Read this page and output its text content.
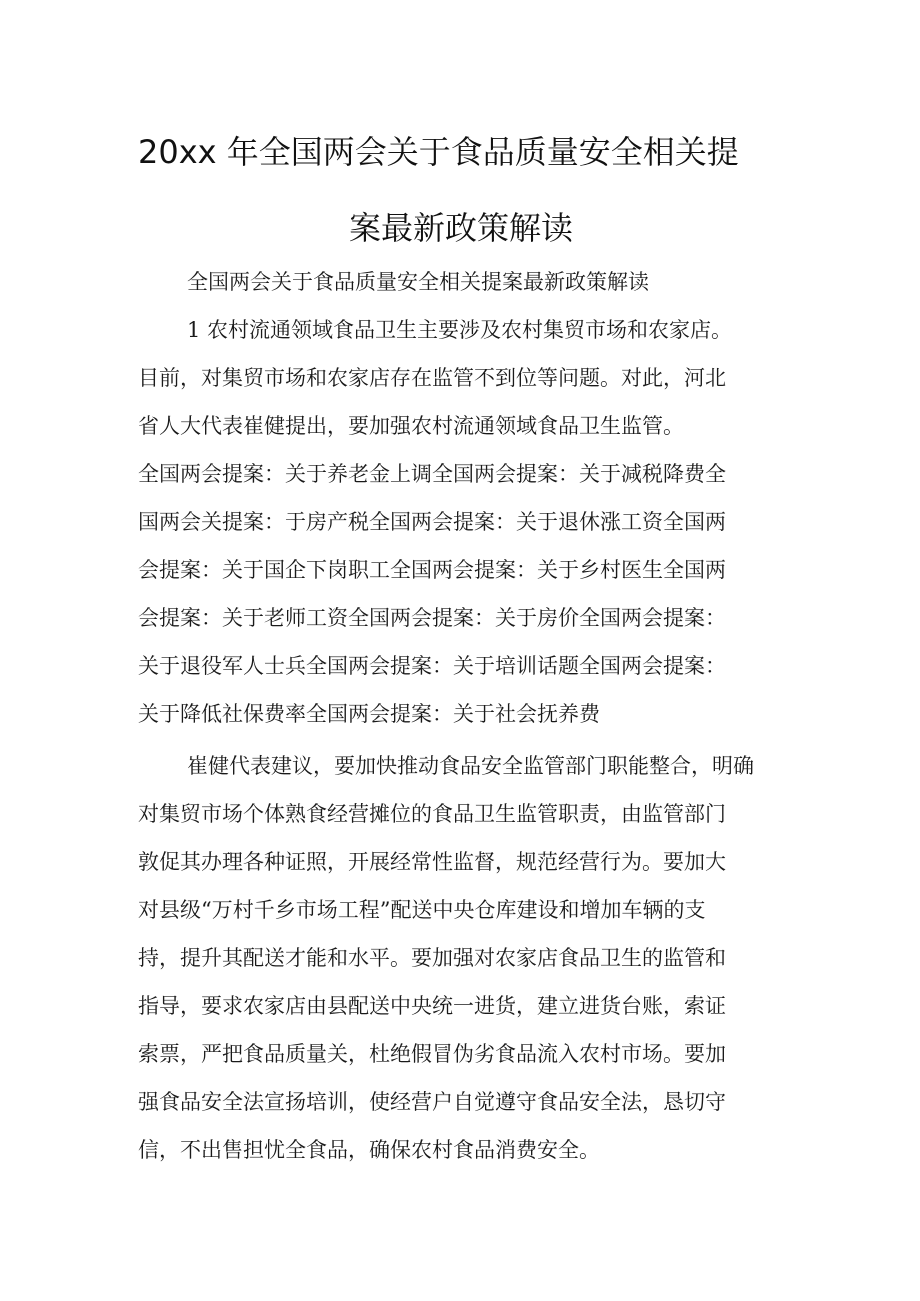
20xx 年全国两会关于食品质量安全相关提
案最新政策解读
全国两会关于食品质量安全相关提案最新政策解读
1 农村流通领域食品卫生主要涉及农村集贸市场和农家店。
目前，对集贸市场和农家店存在监管不到位等问题。对此，河北
省人大代表崔健提出，要加强农村流通领域食品卫生监管。
全国两会提案：关于养老金上调全国两会提案：关于减税降费全
国两会关提案：于房产税全国两会提案：关于退休涨工资全国两
会提案：关于国企下岗职工全国两会提案：关于乡村医生全国两
会提案：关于老师工资全国两会提案：关于房价全国两会提案：
关于退役军人士兵全国两会提案：关于培训话题全国两会提案：
关于降低社保费率全国两会提案：关于社会抚养费
崔健代表建议，要加快推动食品安全监管部门职能整合，明确
对集贸市场个体熟食经营摊位的食品卫生监管职责，由监管部门
敦促其办理各种证照，开展经常性监督，规范经营行为。要加大
对县级“万村千乡市场工程”配送中央仓库建设和增加车辆的支
持，提升其配送才能和水平。要加强对农家店食品卫生的监管和
指导，要求农家店由县配送中央统一进货，建立进货台账，索证
索票，严把食品质量关，杜绝假冒伪劣食品流入农村市场。要加
强食品安全法宣扬培训，使经营户自觉遵守食品安全法，恳切守
信，不出售担忧全食品，确保农村食品消费安全。
